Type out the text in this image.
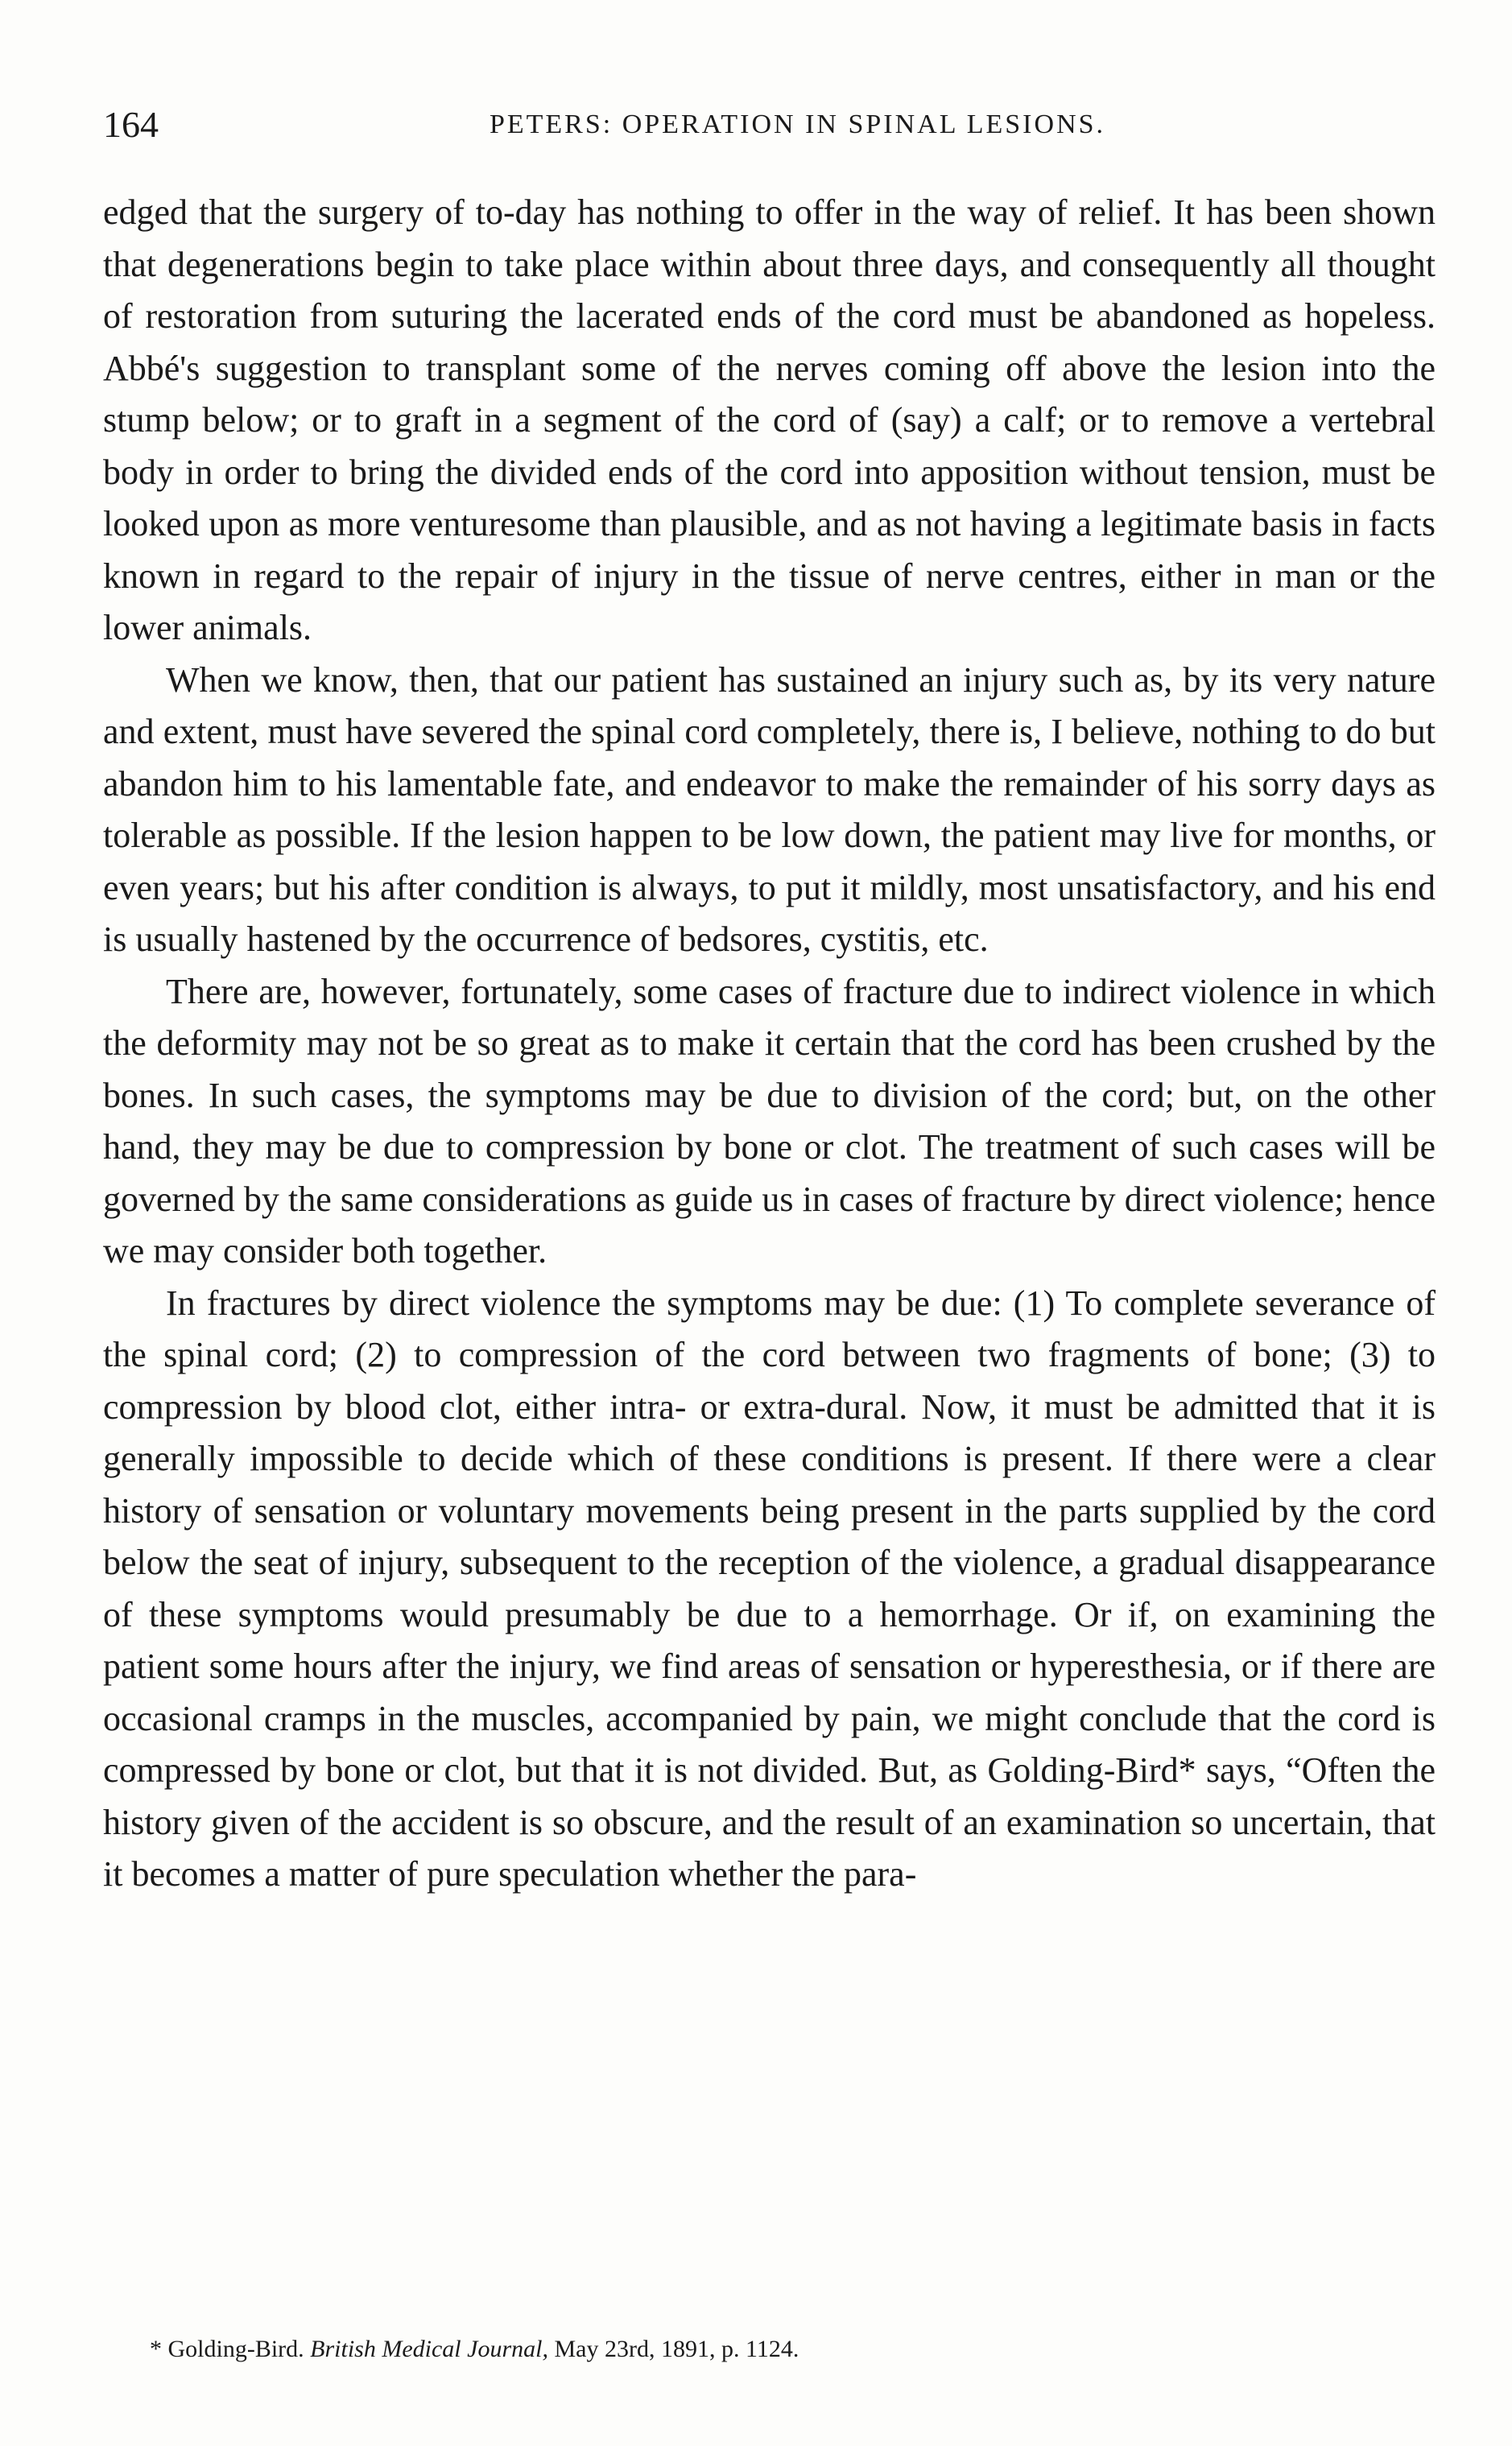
164	PETERS: OPERATION IN SPINAL LESIONS.

edged that the surgery of to-day has nothing to offer in the way of relief. It has been shown that degenerations begin to take place within about three days, and consequently all thought of restoration from suturing the lacerated ends of the cord must be abandoned as hopeless. Abbé's suggestion to transplant some of the nerves coming off above the lesion into the stump below; or to graft in a segment of the cord of (say) a calf; or to remove a vertebral body in order to bring the divided ends of the cord into apposition without tension, must be looked upon as more venturesome than plausible, and as not having a legitimate basis in facts known in regard to the repair of injury in the tissue of nerve centres, either in man or the lower animals.

When we know, then, that our patient has sustained an injury such as, by its very nature and extent, must have severed the spinal cord completely, there is, I believe, nothing to do but abandon him to his lamentable fate, and endeavor to make the remainder of his sorry days as tolerable as possible. If the lesion happen to be low down, the patient may live for months, or even years; but his after condition is always, to put it mildly, most unsatisfactory, and his end is usually hastened by the occurrence of bedsores, cystitis, etc.

There are, however, fortunately, some cases of fracture due to indirect violence in which the deformity may not be so great as to make it certain that the cord has been crushed by the bones. In such cases, the symptoms may be due to division of the cord; but, on the other hand, they may be due to compression by bone or clot. The treatment of such cases will be governed by the same considerations as guide us in cases of fracture by direct violence; hence we may consider both together.

In fractures by direct violence the symptoms may be due: (1) To complete severance of the spinal cord; (2) to compression of the cord between two fragments of bone; (3) to compression by blood clot, either intra- or extra-dural. Now, it must be admitted that it is generally impossible to decide which of these conditions is present. If there were a clear history of sensation or voluntary movements being present in the parts supplied by the cord below the seat of injury, subsequent to the reception of the violence, a gradual disappearance of these symptoms would presumably be due to a hemorrhage. Or if, on examining the patient some hours after the injury, we find areas of sensation or hyperesthesia, or if there are occasional cramps in the muscles, accompanied by pain, we might conclude that the cord is compressed by bone or clot, but that it is not divided. But, as Golding-Bird* says, “Often the history given of the accident is so obscure, and the result of an examination so uncertain, that it becomes a matter of pure speculation whether the para-

* Golding-Bird. British Medical Journal, May 23rd, 1891, p. 1124.
